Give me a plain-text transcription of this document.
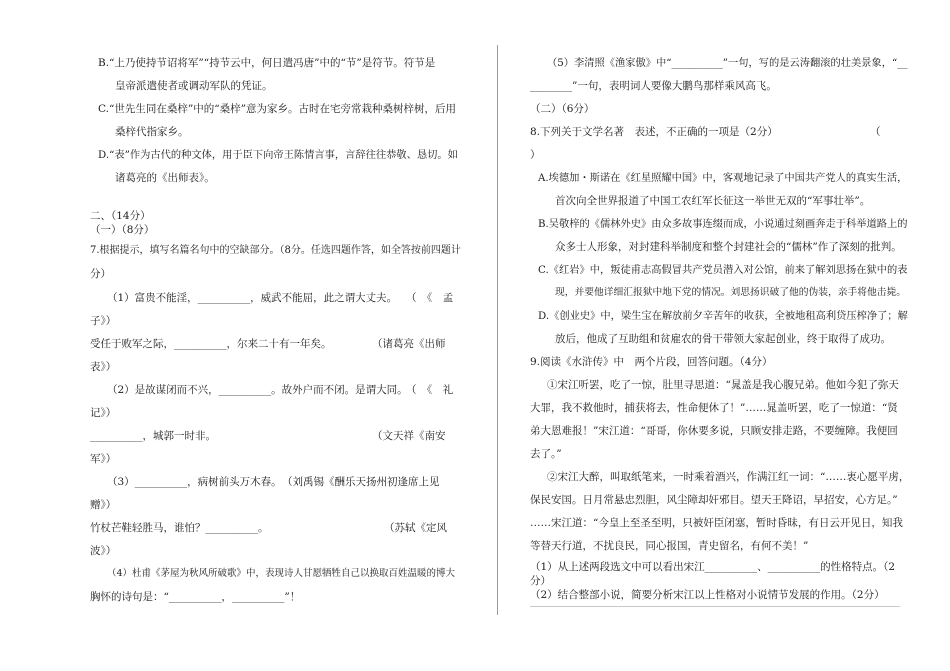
B.“上乃使持节诏将军”“持节云中，何日遣冯唐”中的“节”是符节。符节是
皇帝派遣使者或调动军队的凭证。
C.“世先生同在桑梓”中的“桑梓”意为家乡。古时在宅旁常栽种桑树梓树，后用
桑梓代指家乡。
D.“表”作为古代的种文体，用于臣下向帝王陈情言事，言辞往往恭敬、恳切。如
诸葛亮的《出师表》。
二、（14分）
（一）（8分）
7.根据提示，填写名篇名句中的空缺部分。（8分。任选四题作答，如全答按前四题计
分）
（1）富贵不能淫，__________，威武不能屈，此之谓大丈夫。 （　《　孟
子》）
受任于败军之际，__________，尔来二十有一年矣。	（诸葛亮《出师
表》）
（2）是故谋闭而不兴，__________。故外户而不闭。是谓大同。
（　《　礼
记》）
__________，城郭一时非。	（文天祥《南安
军》）
（3）__________，病树前头万木春。 （刘禹锡《酬乐天扬州初逢席上见
赠》）
竹杖芒鞋轻胜马，谁怕？__________。	（苏轼《定风
波》）
（4）杜甫《茅屋为秋风所破歌》中，表现诗人甘愿牺牲自己以换取百姓温暖的博大
胸怀的诗句是：“__________，__________”！
（5）李清照《渔家傲》中“__________”一句，写的是云涛翻滚的壮美景象，“__
________”一句，表明词人要像大鹏鸟那样乘风高飞。
（二）（6分）
8.下列关于文学名著　表述，不正确的一项是（2分）	（
）
A.埃德加・斯诺在《红星照耀中国》中，客观地记录了中国共产党人的真实生活，
首次向全世界报道了中国工农红军长征这一举世无双的“军事壮举”。
B.吴敬梓的《儒林外史》由众多故事连缀而成，小说通过刻画奔走于科举道路上的
众多士人形象，对封建科举制度和整个封建社会的“儒林”作了深刻的批判。
C.《红岩》中，叛徒甫志高假冒共产党员潜入对公馆，前来了解刘思扬在狱中的表
现，并要他详细汇报狱中地下党的情况。刘思扬识破了他的伪装，亲手将他击毙。
D.《创业史》中，梁生宝在解放前夕辛苦年的收获，全被地租高利贷压榨净了；解
放后，他成了互助组和贫雇农的骨干带领大家起创业，终于取得了成功。
9.阅读《水浒传》中　两个片段，回答问题。（4分）
①宋江听罢，吃了一惊，肚里寻思道：“晁盖是我心腹兄弟。他如今犯了弥天
大罪，我不救他时，捕获将去，性命便休了！”……晁盖听罢，吃了一惊道：“贤
弟大恩难报！”宋江道：“哥哥，你休要多说，只顾安排走路，不要缠障。我便回
去了。”
②宋江大醉，叫取纸笔来，一时乘着酒兴，作满江红一词：“……衷心愿平虏，
保民安国。日月常悬忠烈胆，风尘障却奸邪目。望天王降诏，早招安，心方足。”
……宋江道：“今皇上至圣至明，只被奸臣闭塞，暂时昏昧，有日云开见日，知我
等替天行道，不扰良民，同心报国，青史留名，有何不美！”
（1）从上述两段选文中可以看出宋江__________、__________的性格特点。（2
分）
（2）结合整部小说，简要分析宋江以上性格对小说情节发展的作用。（2分）
